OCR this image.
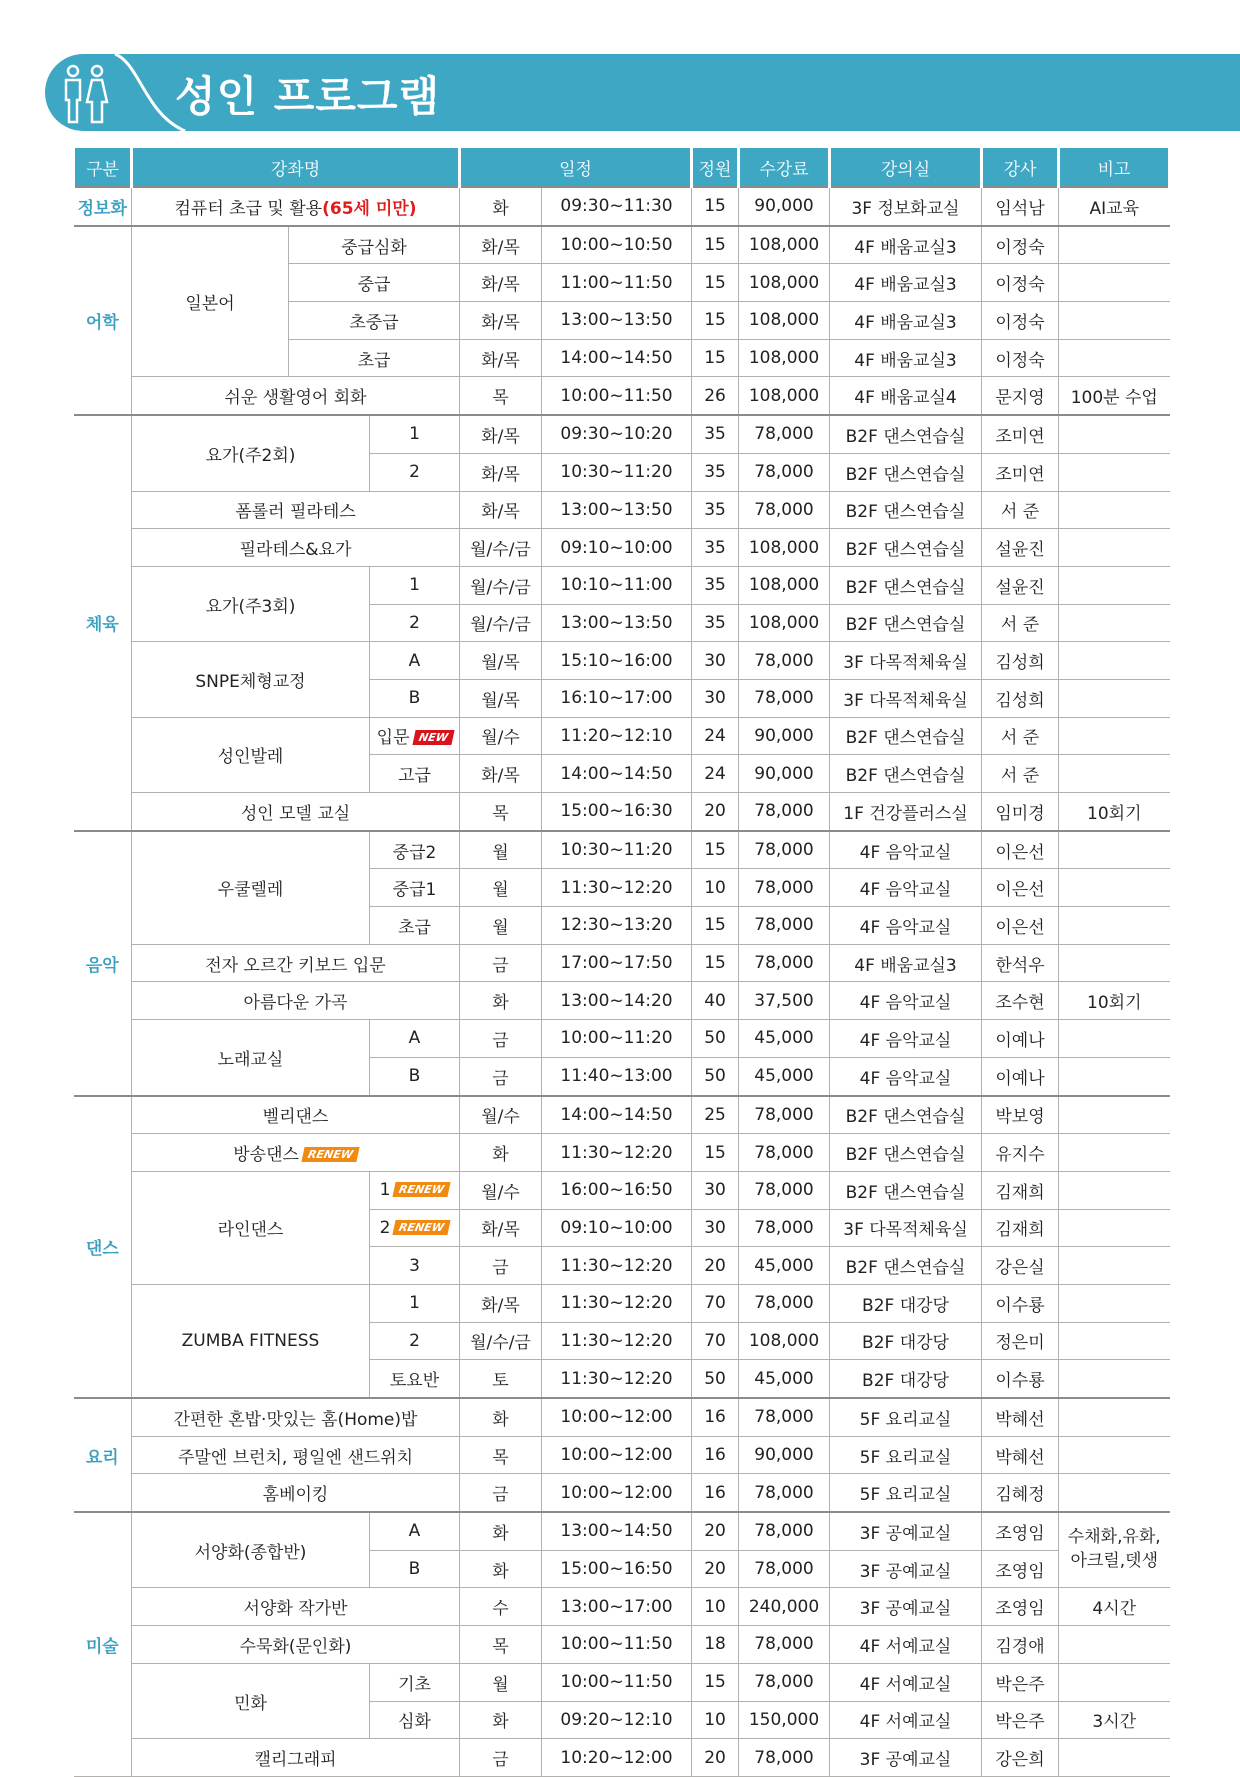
성인 프로그램
구분	강좌명			일정		정원	수강료	강의실	강사	비고
정보화	컴퓨터 초급 및 활용(65세 미만)			화	09:30~11:30	15	90,000	3F 정보화교실	임석남	AI교육
어학	일본어	중급심화		화/목	10:00~10:50	15	108,000	4F 배움교실3	이정숙	
		중급		화/목	11:00~11:50	15	108,000	4F 배움교실3	이정숙	
		초중급		화/목	13:00~13:50	15	108,000	4F 배움교실3	이정숙	
		초급		화/목	14:00~14:50	15	108,000	4F 배움교실3	이정숙	
	쉬운 생활영어 회화			목	10:00~11:50	26	108,000	4F 배움교실4	문지영	100분 수업
체육	요가(주2회)		1	화/목	09:30~10:20	35	78,000	B2F 댄스연습실	조미연	
			2	화/목	10:30~11:20	35	78,000	B2F 댄스연습실	조미연	
	폼롤러 필라테스			화/목	13:00~13:50	35	78,000	B2F 댄스연습실	서 준	
	필라테스&요가			월/수/금	09:10~10:00	35	108,000	B2F 댄스연습실	설윤진	
	요가(주3회)		1	월/수/금	10:10~11:00	35	108,000	B2F 댄스연습실	설윤진	
			2	월/수/금	13:00~13:50	35	108,000	B2F 댄스연습실	서 준	
	SNPE체형교정		A	월/목	15:10~16:00	30	78,000	3F 다목적체육실	김성희	
			B	월/목	16:10~17:00	30	78,000	3F 다목적체육실	김성희	
	성인발레		입문 NEW	월/수	11:20~12:10	24	90,000	B2F 댄스연습실	서 준	
			고급	화/목	14:00~14:50	24	90,000	B2F 댄스연습실	서 준	
	성인 모델 교실			목	15:00~16:30	20	78,000	1F 건강플러스실	임미경	10회기
음악	우쿨렐레		중급2	월	10:30~11:20	15	78,000	4F 음악교실	이은선	
			중급1	월	11:30~12:20	10	78,000	4F 음악교실	이은선	
			초급	월	12:30~13:20	15	78,000	4F 음악교실	이은선	
	전자 오르간 키보드 입문			금	17:00~17:50	15	78,000	4F 배움교실3	한석우	
	아름다운 가곡			화	13:00~14:20	40	37,500	4F 음악교실	조수현	10회기
	노래교실		A	금	10:00~11:20	50	45,000	4F 음악교실	이예나	
			B	금	11:40~13:00	50	45,000	4F 음악교실	이예나	
댄스	벨리댄스			월/수	14:00~14:50	25	78,000	B2F 댄스연습실	박보영	
	방송댄스 RENEW			화	11:30~12:20	15	78,000	B2F 댄스연습실	유지수	
	라인댄스		1 RENEW	월/수	16:00~16:50	30	78,000	B2F 댄스연습실	김재희	
			2 RENEW	화/목	09:10~10:00	30	78,000	3F 다목적체육실	김재희	
			3	금	11:30~12:20	20	45,000	B2F 댄스연습실	강은실	
	ZUMBA FITNESS		1	화/목	11:30~12:20	70	78,000	B2F 대강당	이수룡	
			2	월/수/금	11:30~12:20	70	108,000	B2F 대강당	정은미	
			토요반	토	11:30~12:20	50	45,000	B2F 대강당	이수룡	
요리	간편한 혼밥·맛있는 홈(Home)밥			화	10:00~12:00	16	78,000	5F 요리교실	박혜선	
	주말엔 브런치, 평일엔 샌드위치			목	10:00~12:00	16	90,000	5F 요리교실	박혜선	
	홈베이킹			금	10:00~12:00	16	78,000	5F 요리교실	김혜정	
미술	서양화(종합반)		A	화	13:00~14:50	20	78,000	3F 공예교실	조영임	수채화,유화, 아크릴,뎃생
			B	화	15:00~16:50	20	78,000	3F 공예교실	조영임	
	서양화 작가반			수	13:00~17:00	10	240,000	3F 공예교실	조영임	4시간
	수묵화(문인화)			목	10:00~11:50	18	78,000	4F 서예교실	김경애	
	민화		기초	월	10:00~11:50	15	78,000	4F 서예교실	박은주	
			심화	화	09:20~12:10	10	150,000	4F 서예교실	박은주	3시간
	캘리그래피			금	10:20~12:00	20	78,000	3F 공예교실	강은희	
